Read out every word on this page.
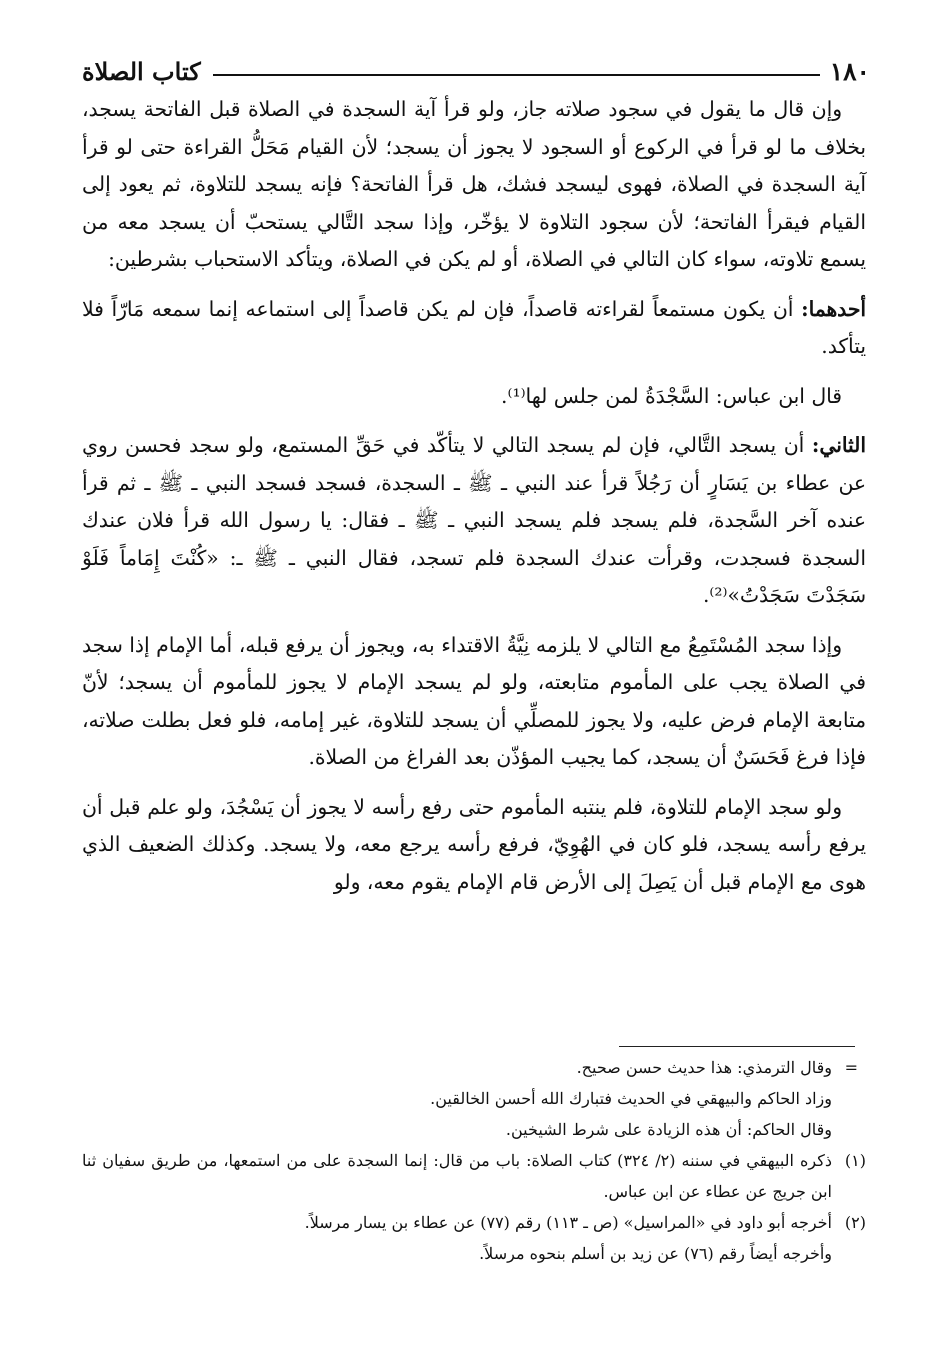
١٨٠
كتاب الصلاة

وإن قال ما يقول في سجود صلاته جاز، ولو قرأ آية السجدة في الصلاة قبل الفاتحة يسجد، بخلاف ما لو قرأ في الركوع أو السجود لا يجوز أن يسجد؛ لأن القيام مَحَلُّ القراءة حتى لو قرأ آية السجدة في الصلاة، فهوى ليسجد فشك، هل قرأ الفاتحة؟ فإنه يسجد للتلاوة، ثم يعود إلى القيام فيقرأ الفاتحة؛ لأن سجود التلاوة لا يؤخّر، وإذا سجد التَّالي يستحبّ أن يسجد معه من يسمع تلاوته، سواء كان التالي في الصلاة، أو لم يكن في الصلاة، ويتأكد الاستحباب بشرطين:

أحدهما: أن يكون مستمعاً لقراءته قاصداً، فإن لم يكن قاصداً إلى استماعه إنما سمعه مَارّاً فلا يتأكد.

قال ابن عباس: السَّجْدَةُ لمن جلس لها⁽¹⁾.

الثاني: أن يسجد التَّالي، فإن لم يسجد التالي لا يتأكّد في حَقِّ المستمع، ولو سجد فحسن روي عن عطاء بن يَسَارٍ أن رَجُلاً قرأ عند النبي ـ ﷺ ـ السجدة، فسجد فسجد النبي ـ ﷺ ـ ثم قرأ عنده آخر السَّجدة، فلم يسجد فلم يسجد النبي ـ ﷺ ـ فقال: يا رسول الله قرأ فلان عندك السجدة فسجدت، وقرأت عندك السجدة فلم تسجد، فقال النبي ـ ﷺ ـ: «كُنْتَ إِمَاماً فَلَوْ سَجَدْتَ سَجَدْتُ»⁽²⁾.

وإذا سجد المُسْتَمِعُ مع التالي لا يلزمه نِيَّةُ الاقتداء به، ويجوز أن يرفع قبله، أما الإمام إذا سجد في الصلاة يجب على المأموم متابعته، ولو لم يسجد الإمام لا يجوز للمأموم أن يسجد؛ لأنّ متابعة الإمام فرض عليه، ولا يجوز للمصلِّي أن يسجد للتلاوة، غير إمامه، فلو فعل بطلت صلاته، فإذا فرغ فَحَسَنٌ أن يسجد، كما يجيب المؤذّن بعد الفراغ من الصلاة.

ولو سجد الإمام للتلاوة، فلم ينتبه المأموم حتى رفع رأسه لا يجوز أن يَسْجُدَ، ولو علم قبل أن يرفع رأسه يسجد، فلو كان في الهُوِيّ، فرفع رأسه يرجع معه، ولا يسجد. وكذلك الضعيف الذي هوى مع الإمام قبل أن يَصِلَ إلى الأرض قام الإمام يقوم معه، ولو

=
وقال الترمذي: هذا حديث حسن صحيح.

وزاد الحاكم والبيهقي في الحديث فتبارك الله أحسن الخالقين.

وقال الحاكم: أن هذه الزيادة على شرط الشيخين.

(١)ذكره البيهقي في سننه (٢/ ٣٢٤) كتاب الصلاة: باب من قال: إنما السجدة على من استمعها، من طريق سفيان ثنا ابن جريج عن عطاء عن ابن عباس.

(٢)أخرجه أبو داود في «المراسيل» (ص ـ ١١٣) رقم (٧٧) عن عطاء بن يسار مرسلاً.

وأخرجه أيضاً رقم (٧٦) عن زيد بن أسلم بنحوه مرسلاً.
